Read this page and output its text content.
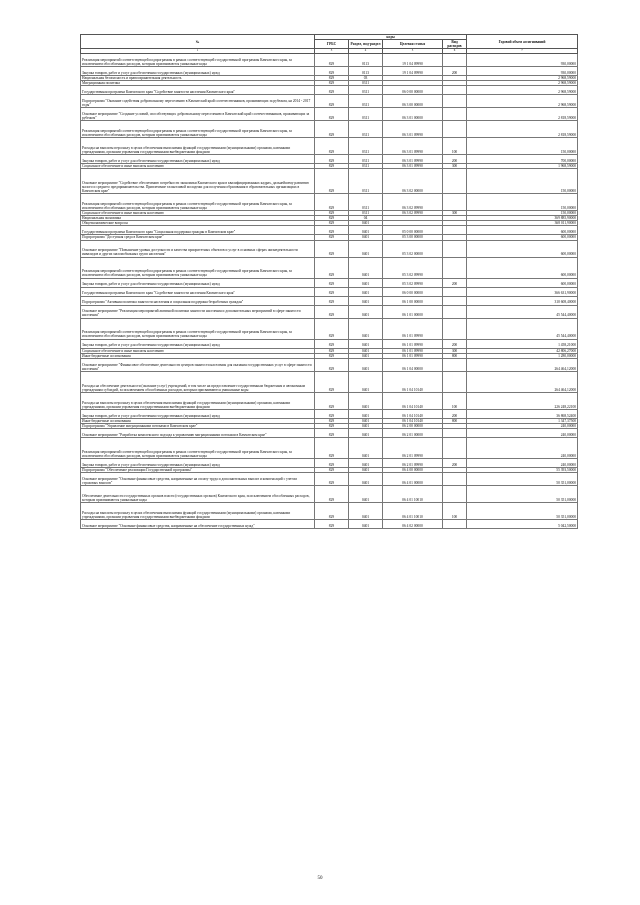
№	коды				Годовой объем ассигнований
	ГРБС	Раздел, под-раздел	Целевая статья	Вид расходов	
1	3	4	5	6	7
Реализация мероприятий соответствующей подпрограммы в рамках соответствующей государственной программы Камчатского края, за исключением обособленных расходов, которым присваиваются уникальные коды	829	0113	19 1 04 09990		930,00000
Закупка товаров, работ и услуг для обеспечения государственных (муниципальных) нужд	829	0113	19 1 04 09990	200	930,00000
Национальная безопасность и правоохранительная деятельность	829	03			2 968,59000
Миграционная политика	829	0311			2 968,59000
Государственная программа Камчатского края "Содействие занятости населения Камчатского края"	829	0311	06 0 00 00000		2 968,59000
Подпрограмма "Оказание содействия добровольному переселению в Камчатский край соотечественников, проживающих за рубежом, на 2014 - 2017 годы"	829	0311	06 3 00 00000		2 968,59000
Основное мероприятие "Создание условий, способствующих добровольному переселению в Камчатский край соотечественников, проживающих за рубежом"	829	0311	06 3 01 00000		2 818,59000
Реализация мероприятий соответствующей подпрограммы в рамках соответствующей государственной программы Камчатского края, за исключением обособленных расходов, которым присваиваются уникальные коды	829	0311	06 3 01 09990		2 818,59000
Расходы на выплаты персоналу в целях обеспечения выполнения функций государственными (муниципальными) органами, казенными учреждениями, органами управления государственными внебюджетными фондами	829	0311	06 3 01 09990	100	150,00000
Закупка товаров, работ и услуг для обеспечения государственных (муниципальных) нужд	829	0311	06 3 01 09990	200	700,00000
Социальное обеспечение и иные выплаты населению	829	0311	06 3 01 09990	300	1 968,59000
Основное мероприятие "Содействие обеспечению потребности экономики Камчатского края в квалифицированных кадрах, дальнейшему развитию малого и среднего предпринимательства. Привлечение талантливой молодежи для получения образования в образовательных организациях в Камчатском крае"	829	0311	06 3 02 00000		150,00000
Реализация мероприятий соответствующей подпрограммы в рамках соответствующей государственной программы Камчатского края, за исключением обособленных расходов, которым присваиваются уникальные коды	829	0311	06 3 02 09990		150,00000
Социальное обеспечение и иные выплаты населению	829	0311	06 3 02 09990	300	150,00000
Национальная экономика	829	04			369 885,90000
Общеэкономические вопросы	829	0401			368 011,90000
Государственная программа Камчатского края "Социальная поддержка граждан в Камчатском крае"	829	0401	05 0 00 00000		600,00000
Подпрограмма "Доступная среда в Камчатском крае"	829	0401	05 3 00 00000		600,00000
Основное мероприятие "Повышение уровня доступности и качества приоритетных объектов и услуг в основных сферах жизнедеятельности инвалидов и других маломобильных групп населения"	829	0401	05 3 02 00000		600,00000
Реализация мероприятий соответствующей подпрограммы в рамках соответствующей государственной программы Камчатского края, за исключением обособленных расходов, которым присваиваются уникальные коды	829	0401	05 3 02 09990		600,00000
Закупка товаров, работ и услуг для обеспечения государственных (муниципальных) нужд	829	0401	05 3 02 09990	200	600,00000
Государственная программа Камчатского края "Содействие занятости населения Камчатского края"	829	0401	06 0 00 00000		366 631,90000
Подпрограмма "Активная политика занятости населения и социальная поддержка безработных граждан"	829	0401	06 1 00 00000		310 608,40000
Основное мероприятие "Реализация мероприятий активной политики занятости населения и дополнительных мероприятий в сфере занятости населения"	829	0401	06 1 01 00000		45 544,40000
Реализация мероприятий соответствующей подпрограммы в рамках соответствующей государственной программы Камчатского края, за исключением обособленных расходов, которым присваиваются уникальные коды	829	0401	06 1 01 09990		45 544,40000
Закупка товаров, работ и услуг для обеспечения государственных (муниципальных) нужд	829	0401	06 1 01 09990	200	1 458,21000
Социальное обеспечение и иные выплаты населению	829	0401	06 1 01 09990	300	42 806,27000
Иные бюджетные ассигнования	829	0401	06 1 01 09990	800	1 280,00000
Основное мероприятие "Финансовое обеспечение деятельности центров занятости населения для оказания государственных услуг в сфере занятости населения"	829	0401	06 1 04 00000		264 464,12000
Расходы на обеспечение деятельности (оказание услуг) учреждений, в том числе на предоставление государственным бюджетным и автономным учреждениям субсидий, за исключением обособленных расходов, которым присваиваются уникальные коды	829	0401	06 1 04 10140		264 464,12000
Расходы на выплаты персоналу в целях обеспечения выполнения функций государственными (муниципальными) органами, казенными учреждениями, органами управления государственными внебюджетными фондами	829	0401	06 1 04 10140	100	226 248,22100
Закупка товаров, работ и услуг для обеспечения государственных (муниципальных) нужд	829	0401	06 1 04 10140	200	36 868,52400
Иные бюджетные ассигнования	829	0401	06 1 04 10140	800	1 347,37500
Подпрограмма "Управление миграционными потоками в Камчатском крае"	829	0401	06 2 00 00000		240,00000
Основное мероприятие "Разработка комплексного подхода к управлению миграционными потоками в Камчатском крае"	829	0401	06 2 01 00000		240,00000
Реализация мероприятий соответствующей подпрограммы в рамках соответствующей государственной программы Камчатского края, за исключением обособленных расходов, которым присваиваются уникальные коды	829	0401	06 2 01 09990		240,00000
Закупка товаров, работ и услуг для обеспечения государственных (муниципальных) нужд	829	0401	06 2 01 09990	200	240,00000
Подпрограмма "Обеспечение реализации Государственной программы"	829	0401	06 4 00 00000		55 393,50000
Основное мероприятие "Основные финансовые средства, направленные на оплату труда и дополнительных выплат и компенсаций с учетом страховых взносов"	829	0401	06 4 01 00000		50 351,00000
Обеспечение деятельности государственных органов власти (государственных органов) Камчатского края, за исключением обособленных расходов, которым присваиваются уникальные коды	829	0401	06 4 01 10010		50 351,00000
Расходы на выплаты персоналу в целях обеспечения выполнения функций государственными (муниципальными) органами, казенными учреждениями, органами управления государственными внебюджетными фондами	829	0401	06 4 01 10010	100	50 351,00000
Основное мероприятие "Основные финансовые средства, направленные на обеспечение государственных нужд"	829	0401	06 4 02 00000		5 042,50000
50
